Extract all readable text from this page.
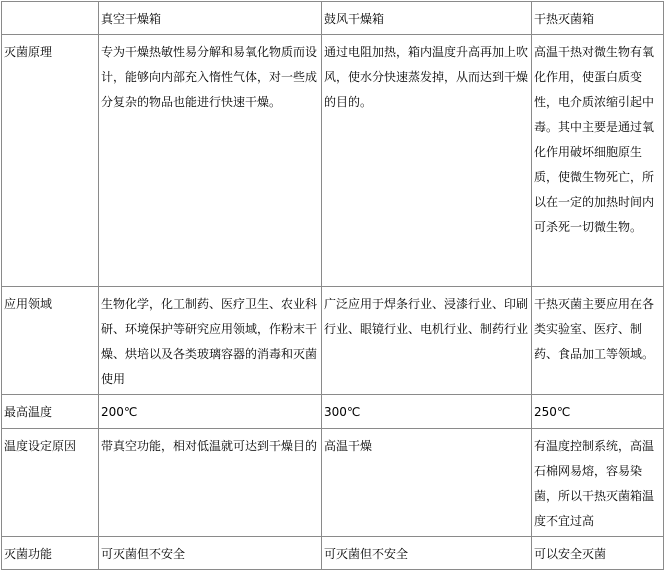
	真空干燥箱	鼓风干燥箱	干热灭菌箱
灭菌原理	专为干燥热敏性易分解和易氧化物质而设计，能够向内部充入惰性气体，对一些成分复杂的物品也能进行快速干燥。	通过电阻加热，箱内温度升高再加上吹风，使水分快速蒸发掉，从而达到干燥的目的。	高温干热对微生物有氧化作用，使蛋白质变性，电介质浓缩引起中毒。其中主要是通过氧化作用破坏细胞原生质，使微生物死亡，所以在一定的加热时间内可杀死一切微生物。
应用领域	生物化学，化工制药、医疗卫生、农业科研、环境保护等研究应用领域，作粉末干燥、烘培以及各类玻璃容器的消毒和灭菌使用	广泛应用于焊条行业、浸漆行业、印刷行业、眼镜行业、电机行业、制药行业	干热灭菌主要应用在各类实验室、医疗、制药、食品加工等领域。
最高温度	200℃	300℃	250℃
温度设定原因	带真空功能，相对低温就可达到干燥目的	高温干燥	有温度控制系统，高温石棉网易熔，容易染菌，所以干热灭菌箱温度不宜过高
灭菌功能	可灭菌但不安全	可灭菌但不安全	可以安全灭菌
